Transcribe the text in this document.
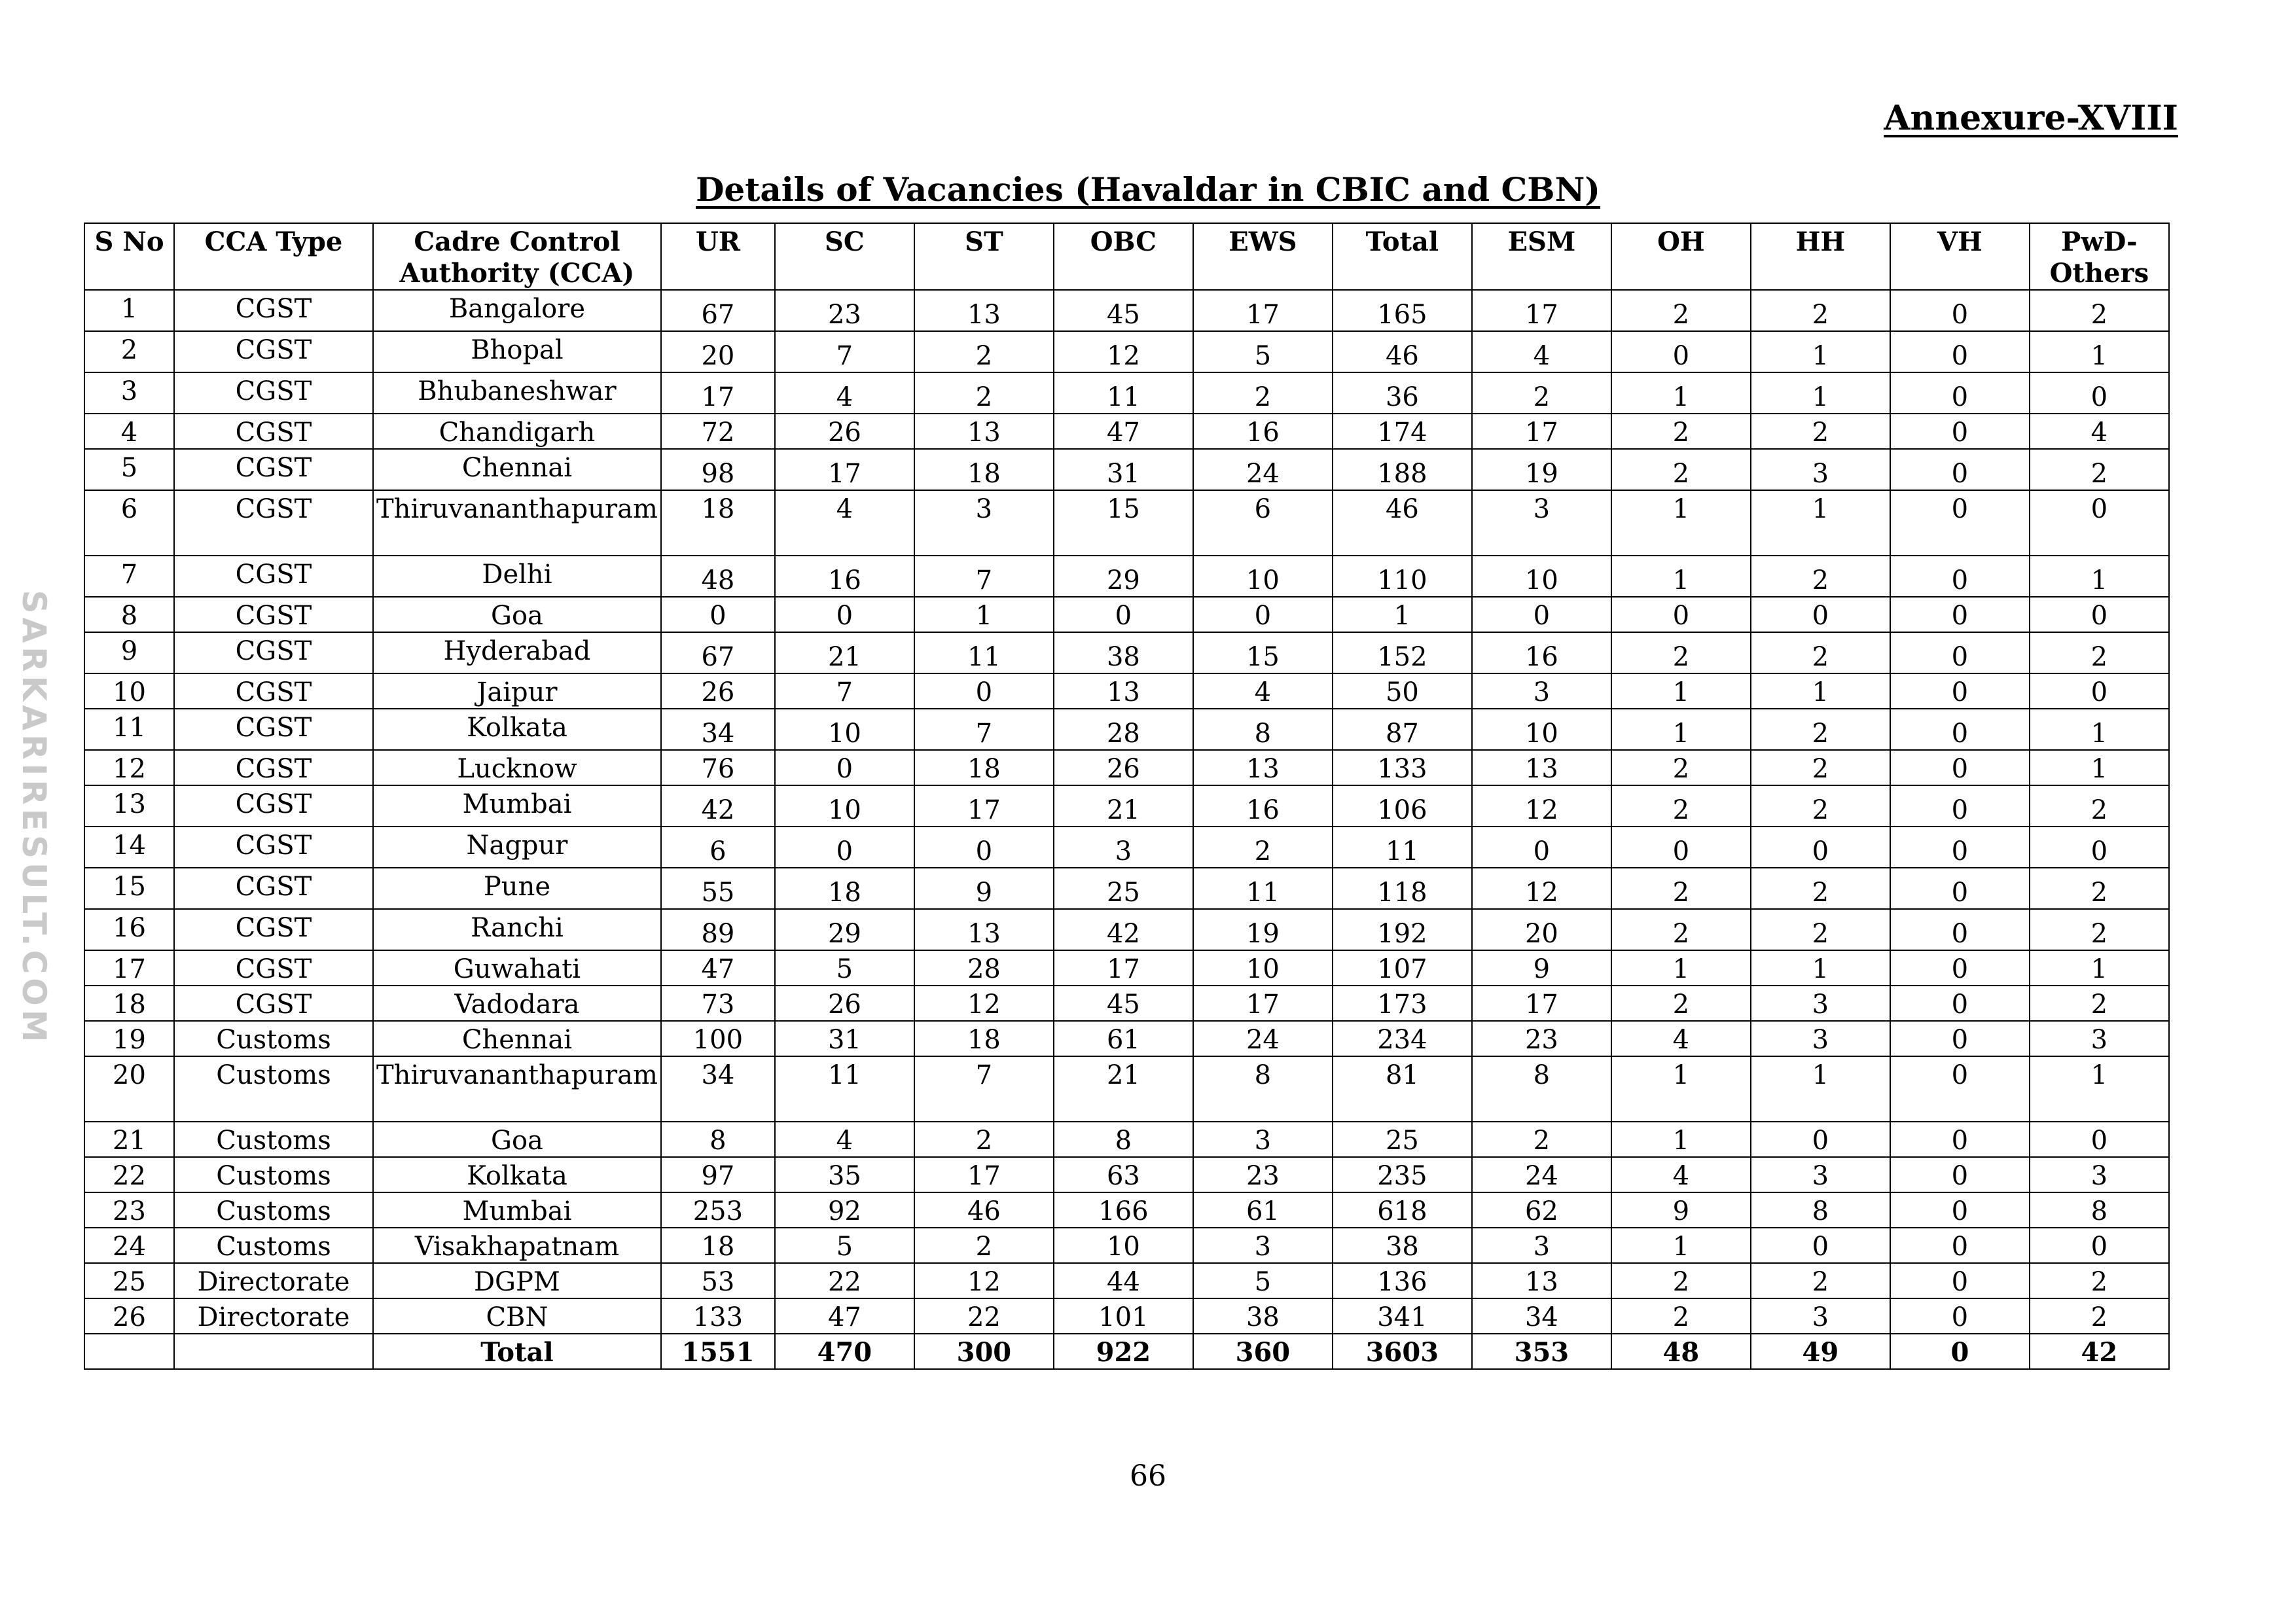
Annexure-XVIII
Details of Vacancies (Havaldar in CBIC and CBN)
SARKARIRESULT.COM
S No	CCA Type	Cadre Control Authority (CCA)	UR	SC	ST	OBC	EWS	Total	ESM	OH	HH	VH	PwD-Others
1	CGST	Bangalore	67	23	13	45	17	165	17	2	2	0	2
2	CGST	Bhopal	20	7	2	12	5	46	4	0	1	0	1
3	CGST	Bhubaneshwar	17	4	2	11	2	36	2	1	1	0	0
4	CGST	Chandigarh	72	26	13	47	16	174	17	2	2	0	4
5	CGST	Chennai	98	17	18	31	24	188	19	2	3	0	2
6	CGST	Thiruvananthapuram	18	4	3	15	6	46	3	1	1	0	0
7	CGST	Delhi	48	16	7	29	10	110	10	1	2	0	1
8	CGST	Goa	0	0	1	0	0	1	0	0	0	0	0
9	CGST	Hyderabad	67	21	11	38	15	152	16	2	2	0	2
10	CGST	Jaipur	26	7	0	13	4	50	3	1	1	0	0
11	CGST	Kolkata	34	10	7	28	8	87	10	1	2	0	1
12	CGST	Lucknow	76	0	18	26	13	133	13	2	2	0	1
13	CGST	Mumbai	42	10	17	21	16	106	12	2	2	0	2
14	CGST	Nagpur	6	0	0	3	2	11	0	0	0	0	0
15	CGST	Pune	55	18	9	25	11	118	12	2	2	0	2
16	CGST	Ranchi	89	29	13	42	19	192	20	2	2	0	2
17	CGST	Guwahati	47	5	28	17	10	107	9	1	1	0	1
18	CGST	Vadodara	73	26	12	45	17	173	17	2	3	0	2
19	Customs	Chennai	100	31	18	61	24	234	23	4	3	0	3
20	Customs	Thiruvananthapuram	34	11	7	21	8	81	8	1	1	0	1
21	Customs	Goa	8	4	2	8	3	25	2	1	0	0	0
22	Customs	Kolkata	97	35	17	63	23	235	24	4	3	0	3
23	Customs	Mumbai	253	92	46	166	61	618	62	9	8	0	8
24	Customs	Visakhapatnam	18	5	2	10	3	38	3	1	0	0	0
25	Directorate	DGPM	53	22	12	44	5	136	13	2	2	0	2
26	Directorate	CBN	133	47	22	101	38	341	34	2	3	0	2
		Total	1551	470	300	922	360	3603	353	48	49	0	42
66
